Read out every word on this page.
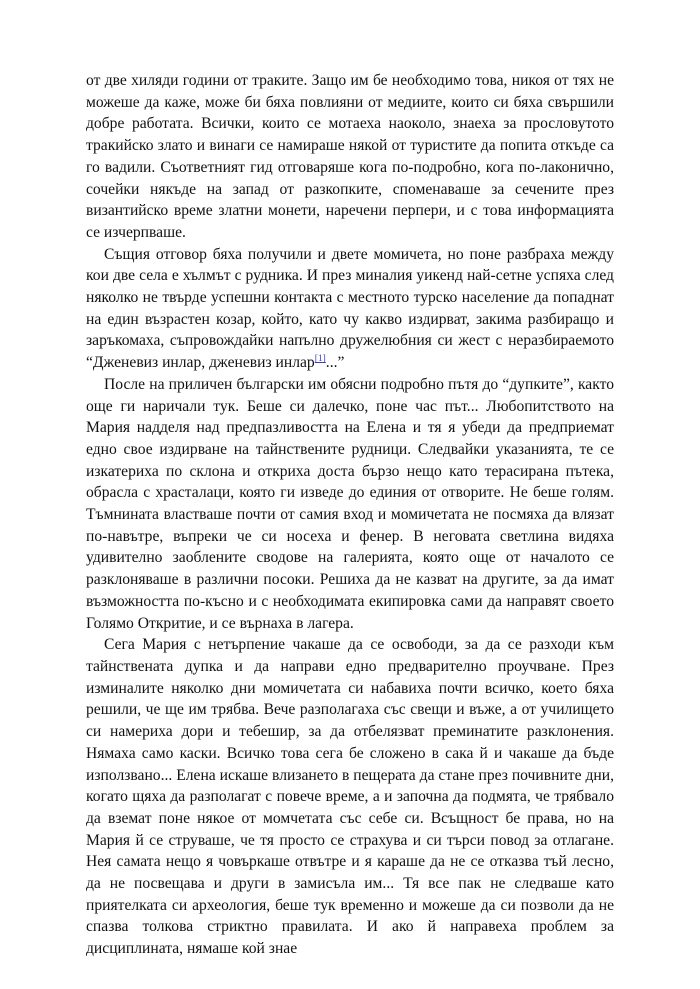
от две хиляди години от траките. Защо им бе необходимо това, никоя от тях не можеше да каже, може би бяха повлияни от медиите, които си бяха свършили добре работата. Всички, които се мотаеха наоколо, знаеха за прословутото тракийско злато и винаги се намираше някой от туристите да попита откъде са го вадили. Съответният гид отговаряше кога по-подробно, кога по-лаконично, сочейки някъде на запад от разкопките, споменаваше за сечените през византийско време златни монети, наречени перпери, и с това информацията се изчерпваше.

Същия отговор бяха получили и двете момичета, но поне разбраха между кои две села е хълмът с рудника. И през миналия уикенд най-сетне успяха след няколко не твърде успешни контакта с местното турско население да попаднат на един възрастен козар, който, като чу какво издирват, закима разбиращо и заръкомаха, съпровождайки напълно дружелюбния си жест с неразбираемото “Дженевиз инлар, дженевиз инлар[1]...”

После на приличен български им обясни подробно пътя до “дупките”, както още ги наричали тук. Беше си далечко, поне час път... Любопитството на Мария надделя над предпазливостта на Елена и тя я убеди да предприемат едно свое издирване на тайнствените рудници. Следвайки указанията, те се изкатериха по склона и откриха доста бързо нещо като терасирана пътека, обрасла с храсталаци, която ги изведе до единия от отворите. Не беше голям. Тъмнината властваше почти от самия вход и момичетата не посмяха да влязат по-навътре, въпреки че си носеха и фенер. В неговата светлина видяха удивително заоблените сводове на галерията, която още от началото се разклоняваше в различни посоки. Решиха да не казват на другите, за да имат възможността по-късно и с необходимата екипировка сами да направят своето Голямо Откритие, и се върнаха в лагера.

Сега Мария с нетърпение чакаше да се освободи, за да се разходи към тайнствената дупка и да направи едно предварително проучване. През изминалите няколко дни момичетата си набавиха почти всичко, което бяха решили, че ще им трябва. Вече разполагаха със свещи и въже, а от училището си намериха дори и тебешир, за да отбелязват преминатите разклонения. Нямаха само каски. Всичко това сега бе сложено в сака й и чакаше да бъде използвано... Елена искаше влизането в пещерата да стане през почивните дни, когато щяха да разполагат с повече време, а и започна да подмята, че трябвало да вземат поне някое от момчетата със себе си. Всъщност бе права, но на Мария й се струваше, че тя просто се страхува и си търси повод за отлагане. Нея самата нещо я човъркаше отвътре и я караше да не се отказва тъй лесно, да не посвещава и други в замисъла им... Тя все пак не следваше като приятелката си археология, беше тук временно и можеше да си позволи да не спазва толкова стриктно правилата. И ако й направеха проблем за дисциплината, нямаше кой знае
